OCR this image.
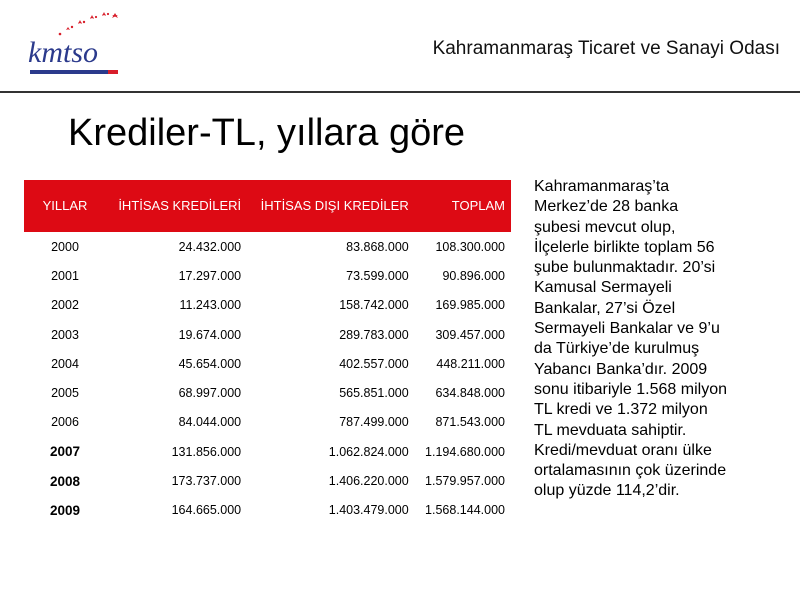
kmtso	Kahramanmaraş Ticaret ve Sanayi Odası
Krediler-TL, yıllara göre
YILLAR	İHTİSAS KREDİLERİ	İHTİSAS DIŞI KREDİLER	TOPLAM
2000	24.432.000	83.868.000	108.300.000
2001	17.297.000	73.599.000	90.896.000
2002	11.243.000	158.742.000	169.985.000
2003	19.674.000	289.783.000	309.457.000
2004	45.654.000	402.557.000	448.211.000
2005	68.997.000	565.851.000	634.848.000
2006	84.044.000	787.499.000	871.543.000
2007	131.856.000	1.062.824.000	1.194.680.000
2008	173.737.000	1.406.220.000	1.579.957.000
2009	164.665.000	1.403.479.000	1.568.144.000
Kahramanmaraş’ta
Merkez’de 28 banka
şubesi mevcut olup,
İlçelerle birlikte toplam 56
şube bulunmaktadır. 20’si
Kamusal Sermayeli
Bankalar, 27’si Özel
Sermayeli Bankalar ve 9’u
da Türkiye’de kurulmuş
Yabancı Banka’dır. 2009
sonu itibariyle 1.568 milyon
TL kredi ve 1.372 milyon
TL mevduata sahiptir.
Kredi/mevduat oranı ülke
ortalamasının çok üzerinde
olup yüzde 114,2’dir.
